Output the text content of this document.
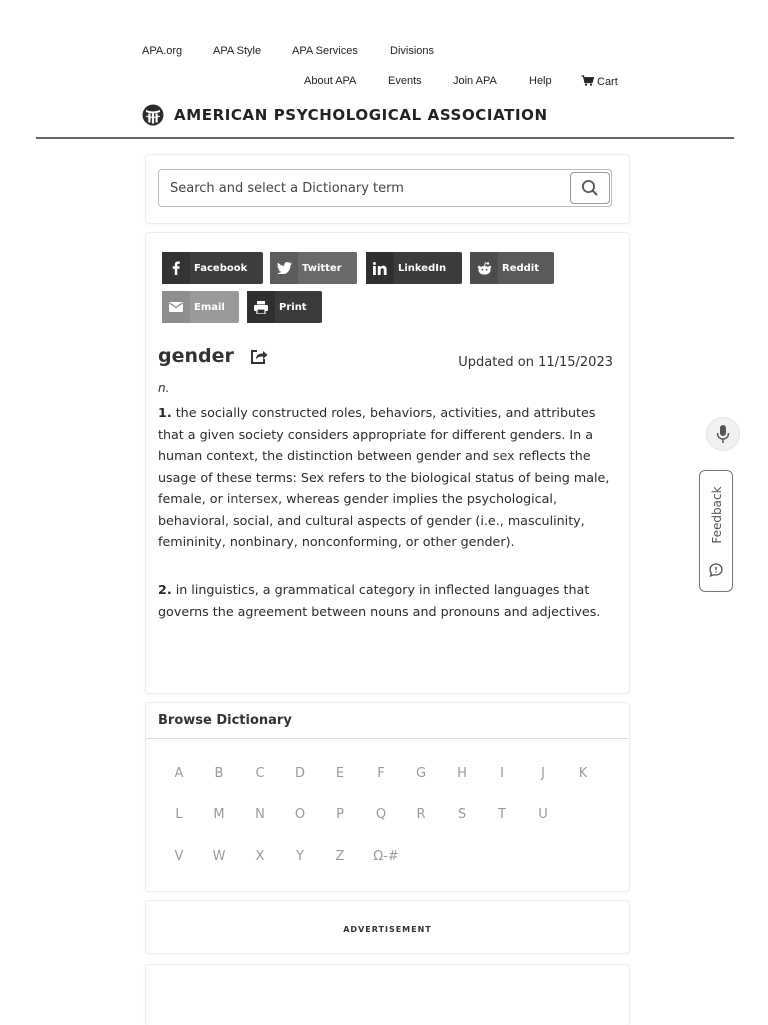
APA.org	APA Style	APA Services	Divisions
About APA	Events	Join APA	Help	Cart
AMERICAN PSYCHOLOGICAL ASSOCIATION
Search and select a Dictionary term
Facebook	Twitter	LinkedIn	Reddit
Email	Print
gender	Updated on 11/15/2023
n.

1. the socially constructed roles, behaviors, activities, and attributes that a given society considers appropriate for different genders. In a human context, the distinction between gender and sex reflects the usage of these terms: Sex refers to the biological status of being male, female, or intersex, whereas gender implies the psychological, behavioral, social, and cultural aspects of gender (i.e., masculinity, femininity, nonbinary, nonconforming, or other gender).

2. in linguistics, a grammatical category in inflected languages that governs the agreement between nouns and pronouns and adjectives.

Browse Dictionary
A	B	C	D	E	F	G	H	I	J	K
L	M	N	O	P	Q	R	S	T	U
V	W	X	Y	Z	Ω-#
ADVERTISEMENT
Feedback
